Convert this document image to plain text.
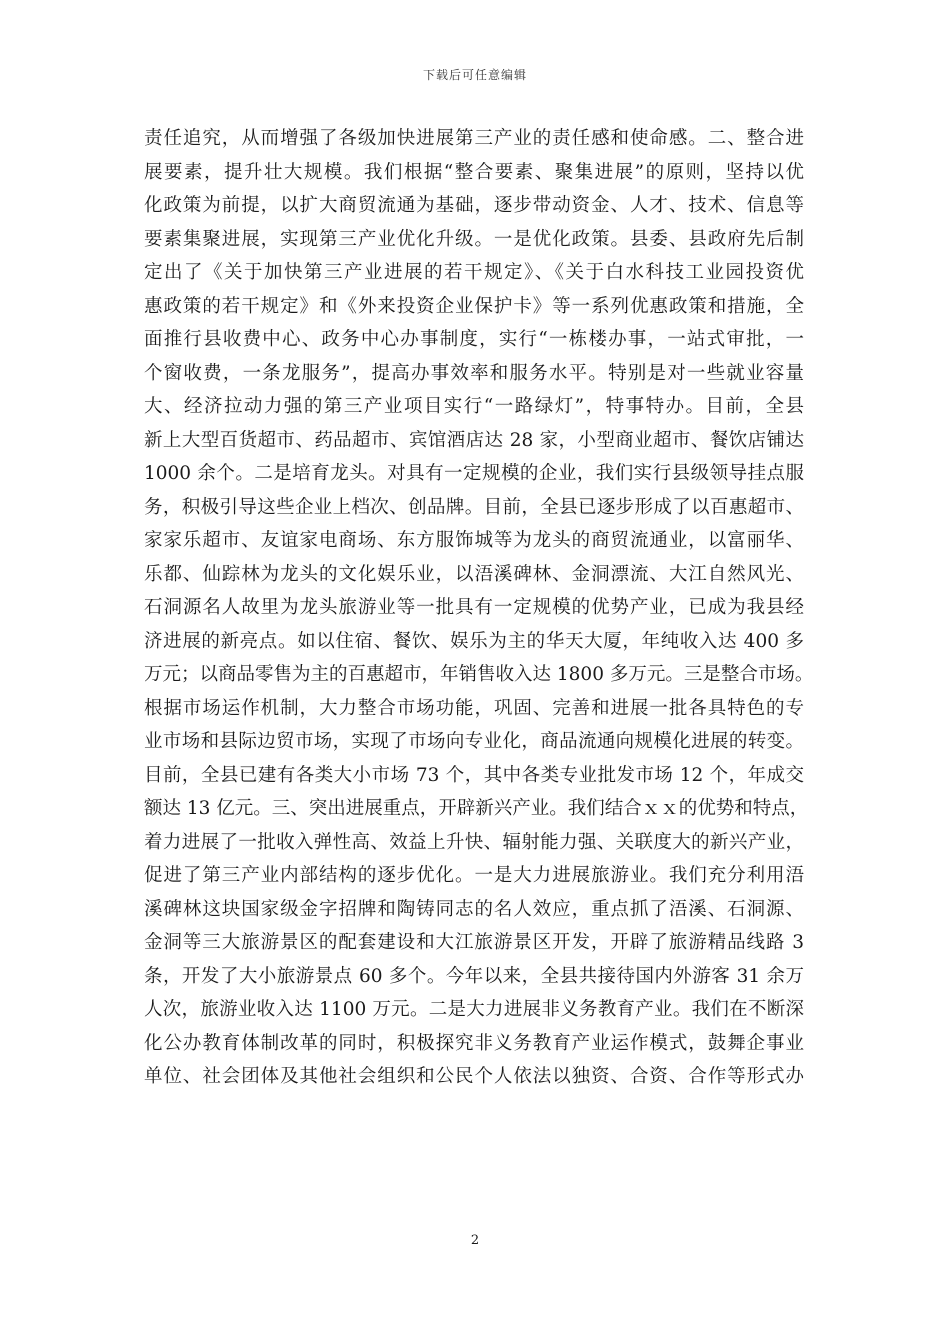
下载后可任意编辑
责任追究，从而增强了各级加快进展第三产业的责任感和使命感。二、整合进
展要素，提升壮大规模。我们根据“整合要素、聚集进展”的原则，坚持以优
化政策为前提，以扩大商贸流通为基础，逐步带动资金、人才、技术、信息等
要素集聚进展，实现第三产业优化升级。一是优化政策。县委、县政府先后制
定出了《关于加快第三产业进展的若干规定》、《关于白水科技工业园投资优
惠政策的若干规定》和《外来投资企业保护卡》等一系列优惠政策和措施，全
面推行县收费中心、政务中心办事制度，实行“一栋楼办事，一站式审批，一
个窗收费，一条龙服务”，提高办事效率和服务水平。特别是对一些就业容量
大、经济拉动力强的第三产业项目实行“一路绿灯”，特事特办。目前，全县
新上大型百货超市、药品超市、宾馆酒店达 28 家，小型商业超市、餐饮店铺达
1000 余个。二是培育龙头。对具有一定规模的企业，我们实行县级领导挂点服
务，积极引导这些企业上档次、创品牌。目前，全县已逐步形成了以百惠超市、
家家乐超市、友谊家电商场、东方服饰城等为龙头的商贸流通业，以富丽华、
乐都、仙踪林为龙头的文化娱乐业，以浯溪碑林、金洞漂流、大江自然风光、
石洞源名人故里为龙头旅游业等一批具有一定规模的优势产业，已成为我县经
济进展的新亮点。如以住宿、餐饮、娱乐为主的华天大厦，年纯收入达 400 多
万元；以商品零售为主的百惠超市，年销售收入达 1800 多万元。三是整合市场。
根据市场运作机制，大力整合市场功能，巩固、完善和进展一批各具特色的专
业市场和县际边贸市场，实现了市场向专业化，商品流通向规模化进展的转变。
目前，全县已建有各类大小市场 73 个，其中各类专业批发市场 12 个，年成交
额达 13 亿元。三、突出进展重点，开辟新兴产业。我们结合ｘｘ的优势和特点，
着力进展了一批收入弹性高、效益上升快、辐射能力强、关联度大的新兴产业，
促进了第三产业内部结构的逐步优化。一是大力进展旅游业。我们充分利用浯
溪碑林这块国家级金字招牌和陶铸同志的名人效应，重点抓了浯溪、石洞源、
金洞等三大旅游景区的配套建设和大江旅游景区开发，开辟了旅游精品线路 3
条，开发了大小旅游景点 60 多个。今年以来，全县共接待国内外游客 31 余万
人次，旅游业收入达 1100 万元。二是大力进展非义务教育产业。我们在不断深
化公办教育体制改革的同时，积极探究非义务教育产业运作模式，鼓舞企事业
单位、社会团体及其他社会组织和公民个人依法以独资、合资、合作等形式办
2
